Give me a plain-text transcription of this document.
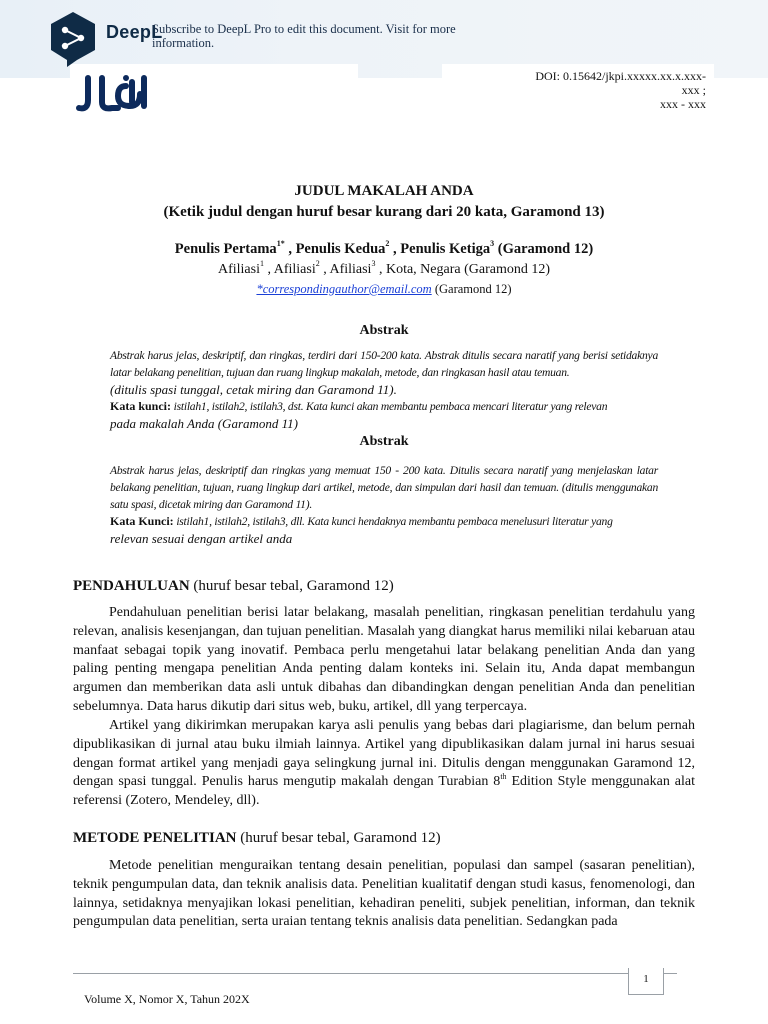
DeepL
Subscribe to DeepL Pro to edit this document. Visit for more information.
DOI: 0.15642/jkpi.xxxxx.xx.x.xxx-
xxx ;
xxx - xxx
JUDUL MAKALAH ANDA
(Ketik judul dengan huruf besar kurang dari 20 kata, Garamond 13)
Penulis Pertama$^{1*}$ , Penulis Kedua$^2$ , Penulis Ketiga$^3$ (Garamond 12)
Afiliasi$^1$ , Afiliasi$^2$ , Afiliasi$^3$ , Kota, Negara (Garamond 12)
*correspondingauthor@email.com (Garamond 12)
Abstrak
Abstrak harus jelas, deskriptif, dan ringkas, terdiri dari 150-200 kata. Abstrak ditulis secara naratif yang berisi setidaknya latar belakang penelitian, tujuan dan ruang lingkup makalah, metode, dan ringkasan hasil atau temuan.
(ditulis spasi tunggal, cetak miring dan Garamond 11).
Kata kunci: istilah1, istilah2, istilah3, dst. Kata kunci akan membantu pembaca mencari literatur yang relevan
pada makalah Anda (Garamond 11)
Abstrak
Abstrak harus jelas, deskriptif dan ringkas yang memuat 150 - 200 kata. Ditulis secara naratif yang menjelaskan latar belakang penelitian, tujuan, ruang lingkup dari artikel, metode, dan simpulan dari hasil dan temuan. (ditulis menggunakan satu spasi, dicetak miring dan Garamond 11).
Kata Kunci: istilah1, istilah2, istilah3, dll. Kata kunci hendaknya membantu pembaca menelusuri literatur yang
relevan sesuai dengan artikel anda
PENDAHULUAN (huruf besar tebal, Garamond 12)
Pendahuluan penelitian berisi latar belakang, masalah penelitian, ringkasan penelitian terdahulu yang relevan, analisis kesenjangan, dan tujuan penelitian. Masalah yang diangkat harus memiliki nilai kebaruan atau manfaat sebagai topik yang inovatif. Pembaca perlu mengetahui latar belakang penelitian Anda dan yang paling penting mengapa penelitian Anda penting dalam konteks ini. Selain itu, Anda dapat membangun argumen dan memberikan data asli untuk dibahas dan dibandingkan dengan penelitian Anda dan penelitian sebelumnya. Data harus dikutip dari situs web, buku, artikel, dll yang terpercaya.
Artikel yang dikirimkan merupakan karya asli penulis yang bebas dari plagiarisme, dan belum pernah dipublikasikan di jurnal atau buku ilmiah lainnya. Artikel yang dipublikasikan dalam jurnal ini harus sesuai dengan format artikel yang menjadi gaya selingkung jurnal ini. Ditulis dengan menggunakan Garamond 12, dengan spasi tunggal. Penulis harus mengutip makalah dengan Turabian 8th Edition Style menggunakan alat referensi (Zotero, Mendeley, dll).
METODE PENELITIAN (huruf besar tebal, Garamond 12)
Metode penelitian menguraikan tentang desain penelitian, populasi dan sampel (sasaran penelitian), teknik pengumpulan data, dan teknik analisis data. Penelitian kualitatif dengan studi kasus, fenomenologi, dan lainnya, setidaknya menyajikan lokasi penelitian, kehadiran peneliti, subjek penelitian, informan, dan teknik pengumpulan data penelitian, serta uraian tentang teknis analisis data penelitian. Sedangkan pada
1
Volume X, Nomor X, Tahun 202X
